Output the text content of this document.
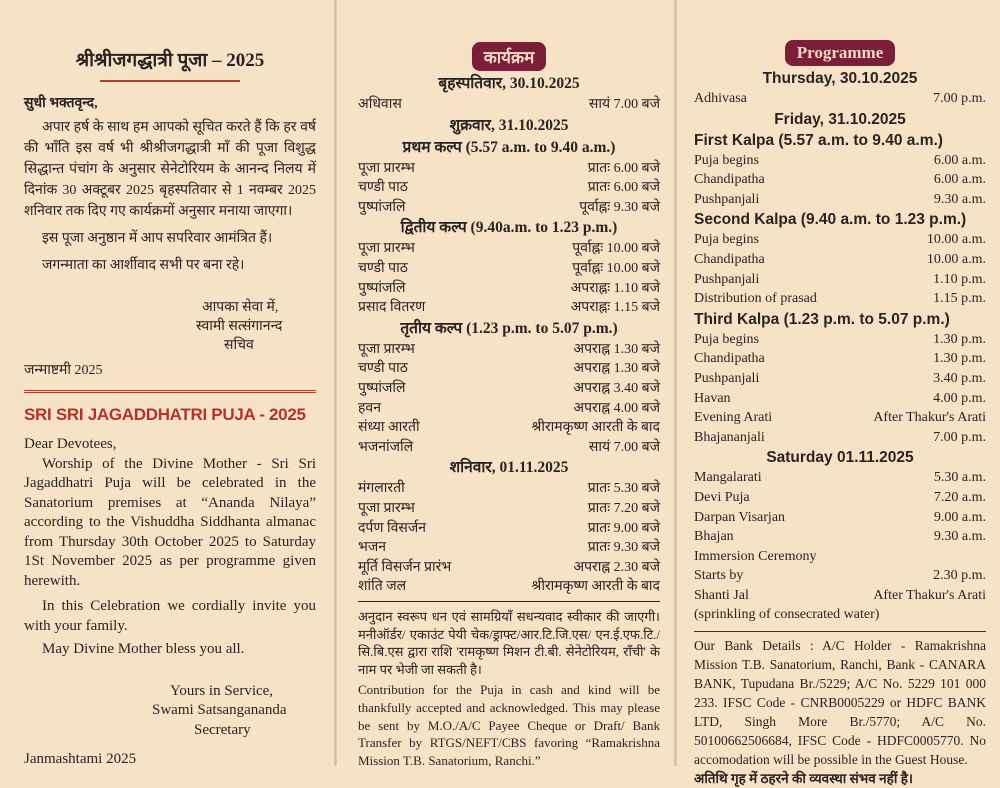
श्रीश्रीजगद्धात्री पूजा – 2025
सुधी भक्तवृन्द,
अपार हर्ष के साथ हम आपको सूचित करते हैं कि हर वर्ष की भाँति इस वर्ष भी श्रीश्रीजगद्धात्री माँ की पूजा विशुद्ध सिद्धान्त पंचांग के अनुसार सेनेटोरियम के आनन्द निलय में दिनांक 30 अक्टूबर 2025 बृहस्पतिवार से 1 नवम्बर 2025 शनिवार तक दिए गए कार्यक्रमों अनुसार मनाया जाएगा।
इस पूजा अनुष्ठान में आप सपरिवार आमंत्रित हैं।
जगन्माता का आर्शीवाद सभी पर बना रहे।
आपका सेवा में,
स्वामी सत्संगानन्द
सचिव
जन्माष्टमी 2025
SRI SRI JAGADDHATRI PUJA - 2025
Dear Devotees,
Worship of the Divine Mother - Sri Sri Jagaddhatri Puja will be celebrated in the Sanatorium premises at “Ananda Nilaya” according to the Vishuddha Siddhanta almanac from Thursday 30th October 2025 to Saturday 1St November 2025 as per programme given herewith.
In this Celebration we cordially invite you with your family.
May Divine Mother bless you all.
Yours in Service,
Swami Satsangananda
Secretary
Janmashtami 2025
कार्यक्रम
बृहस्पतिवार, 30.10.2025
अधिवास	सायं 7.00 बजे
शुक्रवार, 31.10.2025
प्रथम कल्प (5.57 a.m. to 9.40 a.m.)
पूजा प्रारम्भ	प्रातः 6.00 बजे
चण्डी पाठ	प्रातः 6.00 बजे
पुष्पांजलि	पूर्वाह्नः 9.30 बजे
द्वितीय कल्प (9.40a.m. to 1.23 p.m.)
पूजा प्रारम्भ	पूर्वाह्नः 10.00 बजे
चण्डी पाठ	पूर्वाह्नः 10.00 बजे
पुष्पांजलि	अपराह्नः 1.10 बजे
प्रसाद वितरण	अपराह्नः 1.15 बजे
तृतीय कल्प (1.23 p.m. to 5.07 p.m.)
पूजा प्रारम्भ	अपराह्न 1.30 बजे
चण्डी पाठ	अपराह्न 1.30 बजे
पुष्पांजलि	अपराह्न 3.40 बजे
हवन	अपराह्न 4.00 बजे
संध्या आरती	श्रीरामकृष्ण आरती के बाद
भजनांजलि	सायं 7.00 बजे
शनिवार, 01.11.2025
मंगलारती	प्रातः 5.30 बजे
पूजा प्रारम्भ	प्रातः 7.20 बजे
दर्पण विसर्जन	प्रातः 9.00 बजे
भजन	प्रातः 9.30 बजे
मूर्ति विसर्जन प्रारंभ	अपराह्न 2.30 बजे
शांति जल	श्रीरामकृष्ण आरती के बाद
अनुदान स्वरूप धन एवं सामग्रियाँ सधन्यवाद स्वीकार की जाएगी। मनीऑर्डर/ एकाउंट पेयी चेक/ड्राफ्ट/आर.टि.जि.एस/ एन.ई.एफ.टि./सि.बि.एस द्वारा राशि 'रामकृष्ण मिशन टी.बी. सेनेटोरियम, राँची' के नाम पर भेजी जा सकती है।
Contribution for the Puja in cash and kind will be thankfully accepted and acknowledged. This may please be sent by M.O./A/C Payee Cheque or Draft/ Bank Transfer by RTGS/NEFT/CBS favoring “Ramakrishna Mission T.B. Sanatorium, Ranchi.”
Programme
Thursday, 30.10.2025
Adhivasa	7.00 p.m.
Friday, 31.10.2025
First Kalpa (5.57 a.m. to 9.40 a.m.)
Puja begins	6.00 a.m.
Chandipatha	6.00 a.m.
Pushpanjali	9.30 a.m.
Second Kalpa (9.40 a.m. to 1.23 p.m.)
Puja begins	10.00 a.m.
Chandipatha	10.00 a.m.
Pushpanjali	1.10 p.m.
Distribution of prasad	1.15 p.m.
Third Kalpa (1.23 p.m. to 5.07 p.m.)
Puja begins	1.30 p.m.
Chandipatha	1.30 p.m.
Pushpanjali	3.40 p.m.
Havan	4.00 p.m.
Evening Arati	After Thakur's Arati
Bhajananjali	7.00 p.m.
Saturday 01.11.2025
Mangalarati	5.30 a.m.
Devi Puja	7.20 a.m.
Darpan Visarjan	9.00 a.m.
Bhajan	9.30 a.m.
Immersion Ceremony
Starts by	2.30 p.m.
Shanti Jal	After Thakur's Arati
(sprinkling of consecrated water)
Our Bank Details : A/C Holder - Ramakrishna Mission T.B. Sanatorium, Ranchi, Bank - CANARA BANK, Tupudana Br./5229; A/C No. 5229 101 000 233. IFSC Code - CNRB0005229 or HDFC BANK LTD, Singh More Br./5770; A/C No. 50100662506684, IFSC Code - HDFC0005770. No accomodation will be possible in the Guest House.
अतिथि गृह में ठहरने की व्यवस्था संभव नहीं है।
